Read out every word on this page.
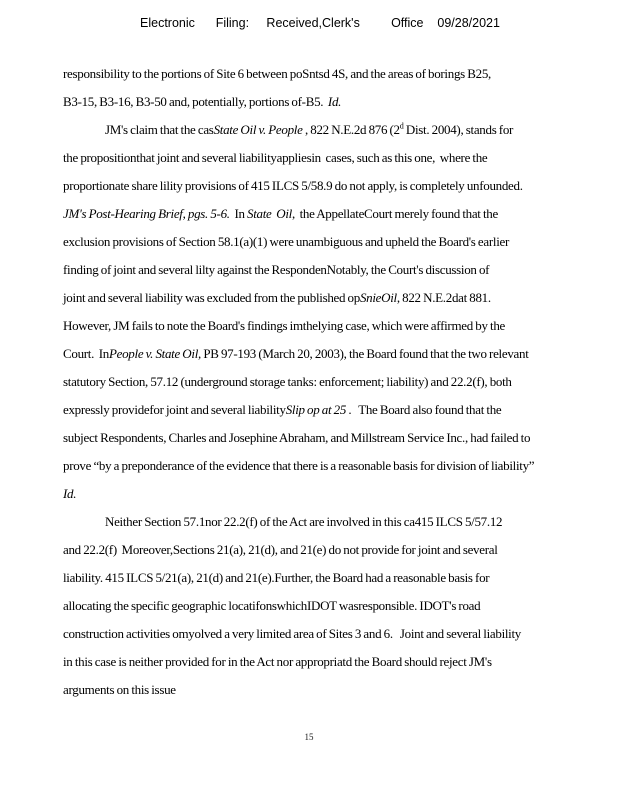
Electronic      Filing:     Received,Clerk's         Office    09/28/2021
responsibility to the portions of Site 6 between poSntsd 4S, and the areas of borings B25,
B3-15, B3-16, B3-50 and, potentially, portions of-B5.  Id.
JM's claim that the casState Oil v. People , 822 N.E.2d 876 (2$^d$ Dist. 2004), stands for
the propositionthat joint and several liabilityappliesin  cases, such as this one,  where the
proportionate share lility provisions of 415 ILCS 5/58.9 do not apply, is completely unfounded.
JM's Post-Hearing Brief, pgs. 5-6.  In State  Oil,  the AppellateCourt merely found that the
exclusion provisions of Section 58.1(a)(1) were unambiguous and upheld the Board's earlier
finding of joint and several lilty against the RespondenNotably, the Court's discussion of
joint and several liability was excluded from the published opSnieOil, 822 N.E.2dat 881.
However, JM fails to note the Board's findings imthelying case, which were affirmed by the
Court.  InPeople v. State Oil, PB 97-193 (March 20, 2003), the Board found that the two relevant
statutory Section, 57.12 (underground storage tanks: enforcement; liability) and 22.2(f), both
expressly providefor joint and several liabilitySlip op at 25 .   The Board also found that the
subject Respondents, Charles and Josephine Abraham, and Millstream Service Inc., had failed to
prove “by a preponderance of the evidence that there is a reasonable basis for division of liability”
Id.
Neither Section 57.1nor 22.2(f) of the Act are involved in this ca415 ILCS 5/57.12
and 22.2(f)  Moreover,Sections 21(a), 21(d), and 21(e) do not provide for joint and several
liability. 415 ILCS 5/21(a), 21(d) and 21(e).Further, the Board had a reasonable basis for
allocating the specific geographic locatifonswhichIDOT wasresponsible. IDOT's road
construction activities omyolved a very limited area of Sites 3 and 6.   Joint and several liability
in this case is neither provided for in the Act nor appropriatd the Board should reject JM's
arguments on this issue
15
